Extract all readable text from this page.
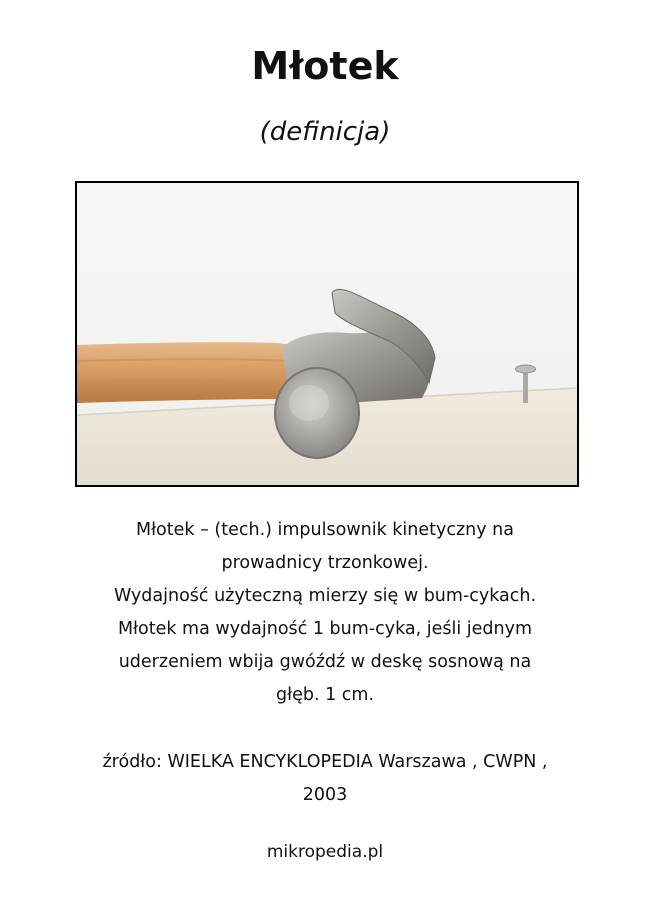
Młotek
(definicja)

Młotek – (tech.) impulsownik kinetyczny na

prowadnicy trzonkowej.

Wydajność użyteczną mierzy się w bum-cykach.

Młotek ma wydajność 1 bum-cyka, jeśli jednym

uderzeniem wbija gwóźdź w deskę sosnową na

głęb. 1 cm.

źródło: WIELKA ENCYKLOPEDIA Warszawa , CWPN ,
2003
mikropedia.pl
